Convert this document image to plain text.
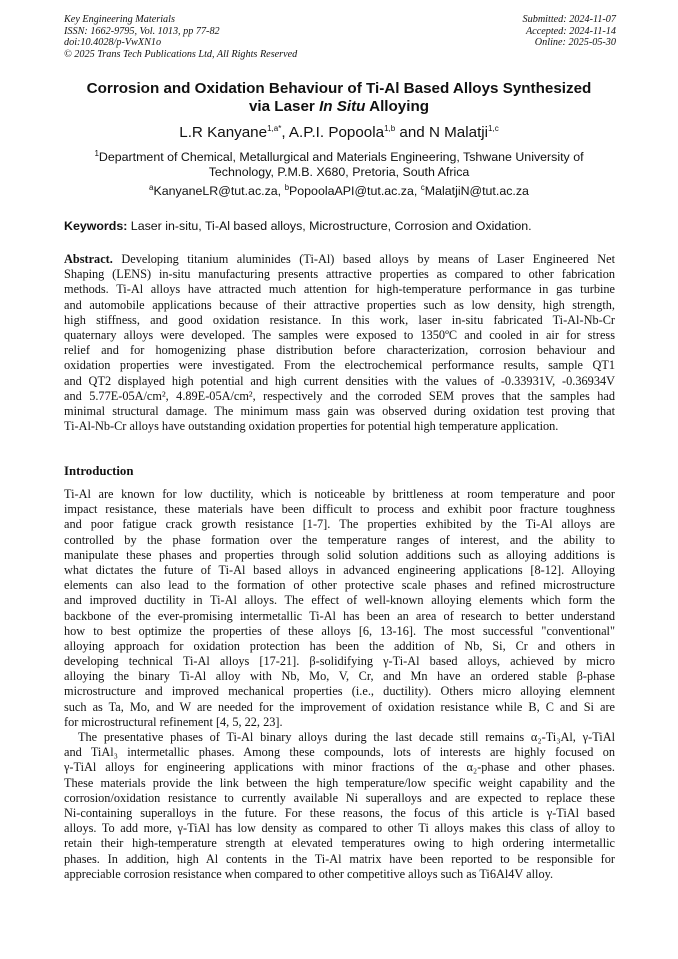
Key Engineering Materials
ISSN: 1662-9795, Vol. 1013, pp 77-82
doi:10.4028/p-VwXN1o
© 2025 Trans Tech Publications Ltd, All Rights Reserved
Submitted: 2024-11-07
Accepted: 2024-11-14
Online: 2025-05-30
Corrosion and Oxidation Behaviour of Ti-Al Based Alloys Synthesized
via Laser In Situ Alloying
L.R Kanyane$^{1,a*}$, A.P.I. Popoola$^{1,b}$ and N Malatji$^{1,c}$
$^1$Department of Chemical, Metallurgical and Materials Engineering, Tshwane University of
Technology, P.M.B. X680, Pretoria, South Africa
$^a$KanyaneLR@tut.ac.za, $^b$PopoolaAPI@tut.ac.za, $^c$MalatjiN@tut.ac.za
Keywords: Laser in-situ, Ti-Al based alloys, Microstructure, Corrosion and Oxidation.
Abstract. Developing titanium aluminides (Ti-Al) based alloys by means of Laser Engineered Net
Shaping (LENS) in-situ manufacturing presents attractive properties as compared to other fabrication
methods. Ti-Al alloys have attracted much attention for high-temperature performance in gas turbine
and automobile applications because of their attractive properties such as low density, high strength,
high stiffness, and good oxidation resistance. In this work, laser in-situ fabricated Ti-Al-Nb-Cr
quaternary alloys were developed. The samples were exposed to 1350ºC and cooled in air for stress
relief and for homogenizing phase distribution before characterization, corrosion behaviour and
oxidation properties were investigated. From the electrochemical performance results, sample QT1
and QT2 displayed high potential and high current densities with the values of -0.33931V, -0.36934V
and 5.77E-05A/cm², 4.89E-05A/cm², respectively and the corroded SEM proves that the samples had
minimal structural damage. The minimum mass gain was observed during oxidation test proving that
Ti-Al-Nb-Cr alloys have outstanding oxidation properties for potential high temperature application.
Introduction
Ti-Al are known for low ductility, which is noticeable by brittleness at room temperature and poor
impact resistance, these materials have been difficult to process and exhibit poor fracture toughness
and poor fatigue crack growth resistance [1-7]. The properties exhibited by the Ti-Al alloys are
controlled by the phase formation over the temperature ranges of interest, and the ability to
manipulate these phases and properties through solid solution additions such as alloying additions is
what dictates the future of Ti-Al based alloys in advanced engineering applications [8-12]. Alloying
elements can also lead to the formation of other protective scale phases and refined microstructure
and improved ductility in Ti-Al alloys. The effect of well-known alloying elements which form the
backbone of the ever-promising intermetallic Ti-Al has been an area of research to better understand
how to best optimize the properties of these alloys [6, 13-16]. The most successful "conventional"
alloying approach for oxidation protection has been the addition of Nb, Si, Cr and others in
developing technical Ti-Al alloys [17-21]. β-solidifying γ-Ti-Al based alloys, achieved by micro
alloying the binary Ti-Al alloy with Nb, Mo, V, Cr, and Mn have an ordered stable β-phase
microstructure and improved mechanical properties (i.e., ductility). Others micro alloying elemnent
such as Ta, Mo, and W are needed for the improvement of oxidation resistance while B, C and Si are
for microstructural refinement [4, 5, 22, 23].
The presentative phases of Ti-Al binary alloys during the last decade still remains α₂-Ti₃Al, γ-TiAl
and TiAl₃ intermetallic phases. Among these compounds, lots of interests are highly focused on
γ-TiAl alloys for engineering applications with minor fractions of the α₂-phase and other phases.
These materials provide the link between the high temperature/low specific weight capability and the
corrosion/oxidation resistance to currently available Ni superalloys and are expected to replace these
Ni-containing superalloys in the future. For these reasons, the focus of this article is γ-TiAl based
alloys. To add more, γ-TiAl has low density as compared to other Ti alloys makes this class of alloy to
retain their high-temperature strength at elevated temperatures owing to high ordering intermetallic
phases. In addition, high Al contents in the Ti-Al matrix have been reported to be responsible for
appreciable corrosion resistance when compared to other competitive alloys such as Ti6Al4V alloy.
